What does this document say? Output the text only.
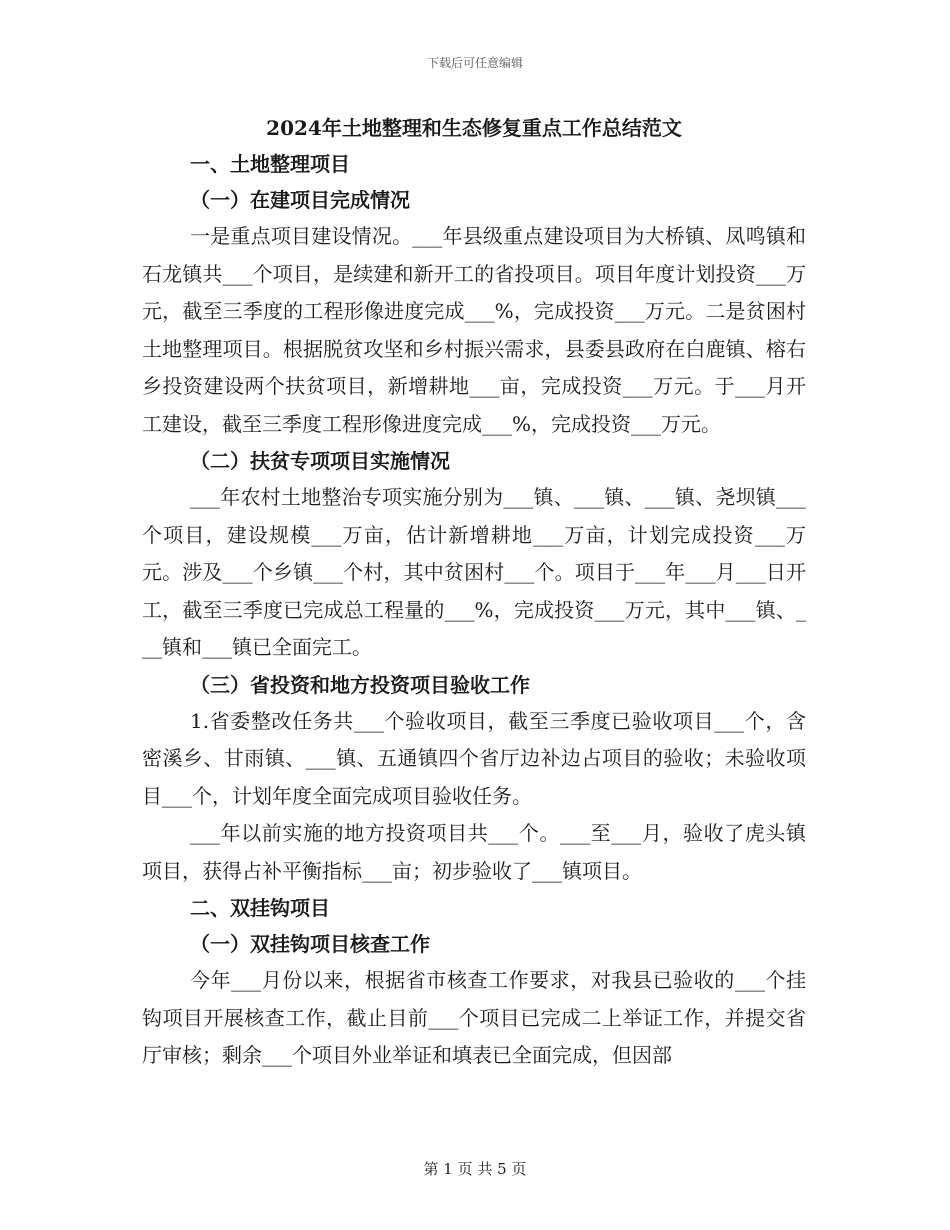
下载后可任意编辑
2024年土地整理和生态修复重点工作总结范文
一、土地整理项目
（一）在建项目完成情况

一是重点项目建设情况。___年县级重点建设项目为大桥镇、凤鸣镇和石龙镇共___个项目，是续建和新开工的省投项目。项目年度计划投资___万元，截至三季度的工程形像进度完成___%，完成投资___万元。二是贫困村土地整理项目。根据脱贫攻坚和乡村振兴需求，县委县政府在白鹿镇、榕右乡投资建设两个扶贫项目，新增耕地___亩，完成投资___万元。于___月开工建设，截至三季度工程形像进度完成___%，完成投资___万元。

（二）扶贫专项项目实施情况

___年农村土地整治专项实施分别为___镇、___镇、___镇、尧坝镇___个项目，建设规模___万亩，估计新增耕地___万亩，计划完成投资___万元。涉及___个乡镇___个村，其中贫困村___个。项目于___年___月___日开工，截至三季度已完成总工程量的___%，完成投资___万元，其中___镇、___镇和___镇已全面完工。

（三）省投资和地方投资项目验收工作

1.省委整改任务共___个验收项目，截至三季度已验收项目___个，含密溪乡、甘雨镇、___镇、五通镇四个省厅边补边占项目的验收；未验收项目___个，计划年度全面完成项目验收任务。

___年以前实施的地方投资项目共___个。___至___月，验收了虎头镇项目，获得占补平衡指标___亩；初步验收了___镇项目。

二、双挂钩项目
（一）双挂钩项目核查工作

今年___月份以来，根据省市核查工作要求，对我县已验收的___个挂钩项目开展核查工作，截止目前___个项目已完成二上举证工作，并提交省厅审核；剩余___个项目外业举证和填表已全面完成，但因部

第 1 页 共 5 页
